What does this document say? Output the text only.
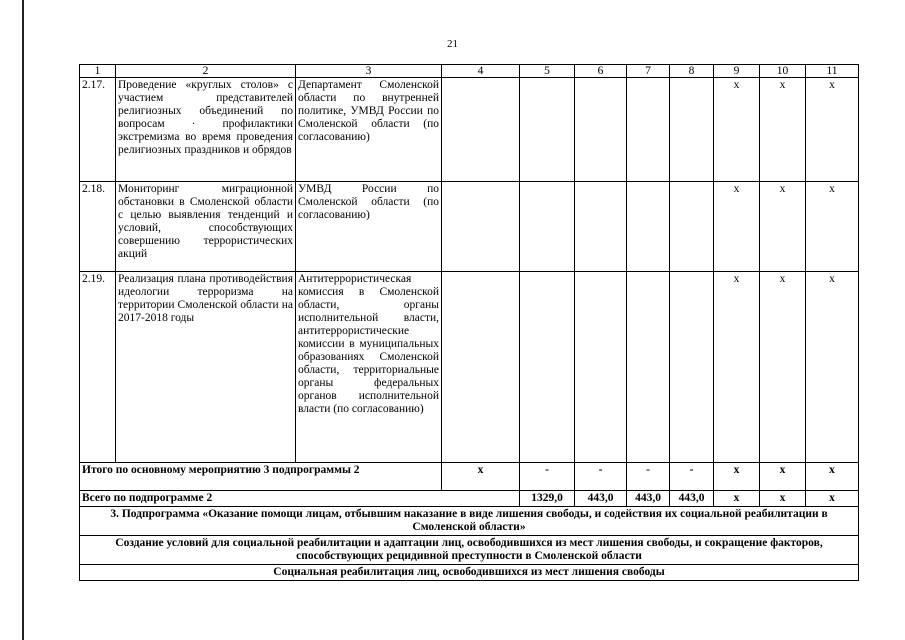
21
1	2	3	4	5	6	7	8	9	10	11
2.17.	Проведение «круглых столов» с участием представителей религиозных объединений по вопросам · профилактики экстремизма во время проведения религиозных праздников и обрядов	Департамент Смоленской области по внутренней политике, УМВД России по Смоленской области (по согласованию)						x	x	x
2.18.	Мониторинг миграционной обстановки в Смоленской области с целью выявления тенденций и условий, способствующих совершению террористических акций	УМВД России по Смоленской области (по согласованию)						x	x	x
2.19.	Реализация плана противодействия идеологии терроризма на территории Смоленской области на 2017-2018 годы	Антитеррористическая комиссия в Смоленской области, органы исполнительной власти, антитеррористические комиссии в муниципальных образованиях Смоленской области, территориальные органы федеральных органов исполнительной власти (по согласованию)						x	x	x
Итого по основному мероприятию 3 подпрограммы 2			x	-	-	-	-	x	x	x
Всего по подпрограмме 2				1329,0	443,0	443,0	443,0	x	x	x
3. Подпрограмма «Оказание помощи лицам, отбывшим наказание в виде лишения свободы, и содействия их социальной реабилитации в Смоленской области»										
Создание условий для социальной реабилитации и адаптации лиц, освободившихся из мест лишения свободы, и сокращение факторов, способствующих рецидивной преступности в Смоленской области										
Социальная реабилитация лиц, освободившихся из мест лишения свободы										
